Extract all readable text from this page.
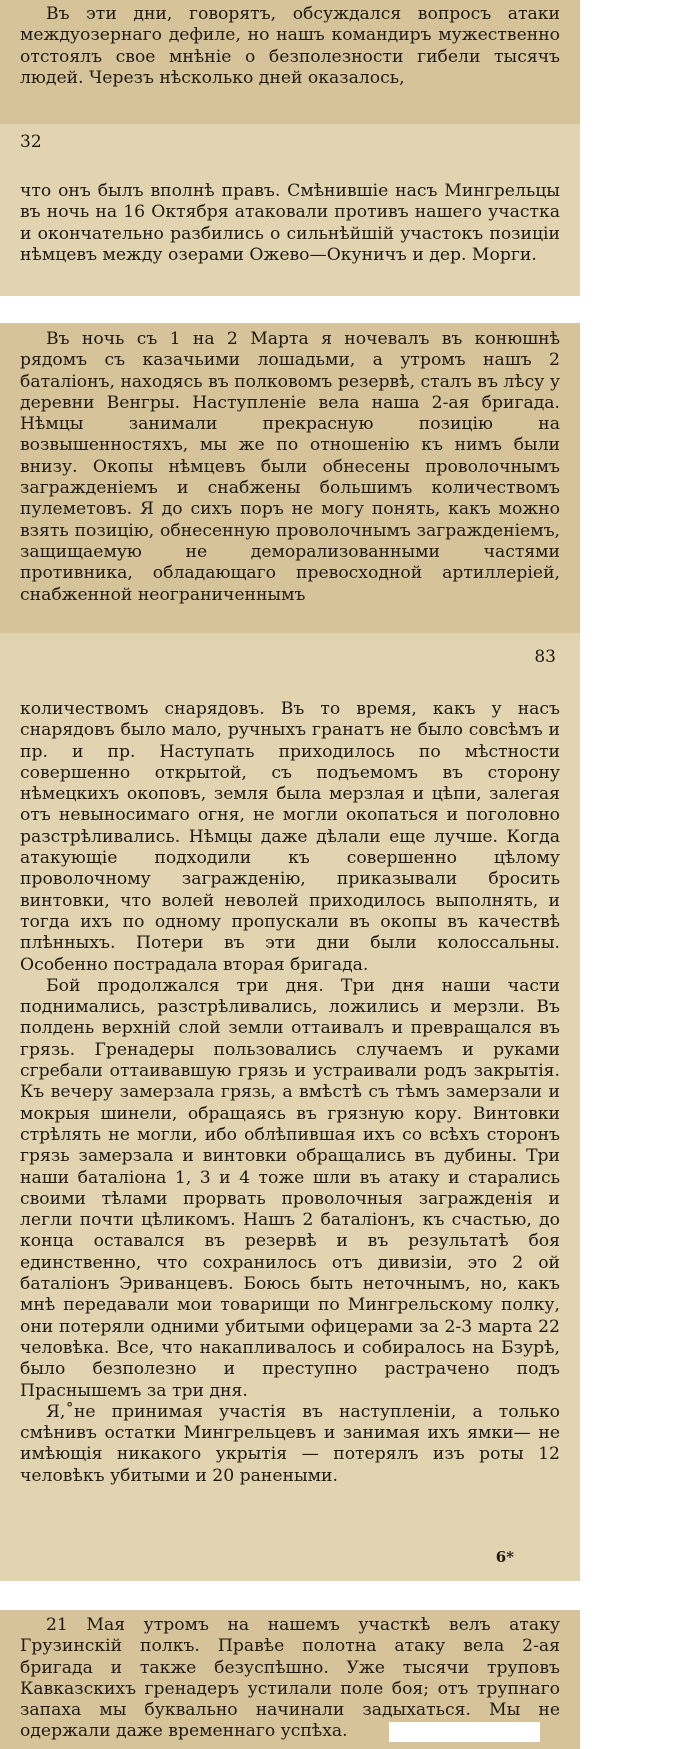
Въ эти дни, говорятъ, обсуждался вопросъ атаки междуозернаго дефиле, но нашъ командиръ мужественно отстоялъ свое мнѣніе о безполезности гибели тысячъ людей. Черезъ нѣсколько дней оказалось,

32

что онъ былъ вполнѣ правъ. Смѣнившіе насъ Мингрельцы въ ночь на 16 Октября атаковали противъ нашего участка и окончательно разбились о сильнѣйшій участокъ позиціи нѣмцевъ между озерами Ожево—Окуничъ и дер. Морги.

Въ ночь съ 1 на 2 Марта я ночевалъ въ конюшнѣ рядомъ съ казачьими лошадьми, а утромъ нашъ 2 баталіонъ, находясь въ полковомъ резервѣ, сталъ въ лѣсу у деревни Венгры. Наступленіе вела наша 2-ая бригада. Нѣмцы занимали прекрасную позицію на возвышенностяхъ, мы же по отношенію къ нимъ были внизу. Окопы нѣмцевъ были обнесены проволочнымъ загражденіемъ и снабжены большимъ количествомъ пулеметовъ. Я до сихъ поръ не могу понять, какъ можно взять позицію, обнесенную проволочнымъ загражденіемъ, защищаемую не деморализованными частями противника, обладающаго превосходной артиллеріей, снабженной неограниченнымъ

83

количествомъ снарядовъ. Въ то время, какъ у насъ снарядовъ было мало, ручныхъ гранатъ не было совсѣмъ и пр. и пр. Наступать приходилось по мѣстности совершенно открытой, съ подъемомъ въ сторону нѣмецкихъ окоповъ, земля была мерзлая и цѣпи, залегая отъ невыносимаго огня, не могли окопаться и поголовно разстрѣливались. Нѣмцы даже дѣлали еще лучше. Когда атакующіе подходили къ совершенно цѣлому проволочному загражденію, приказывали бросить винтовки, что волей неволей приходилось выполнять, и тогда ихъ по одному пропускали въ окопы въ качествѣ плѣнныхъ. Потери въ эти дни были колоссальны. Особенно пострадала вторая бригада.

Бой продолжался три дня. Три дня наши части поднимались, разстрѣливались, ложились и мерзли. Въ полдень верхній слой земли оттаивалъ и превращался въ грязь. Гренадеры пользовались случаемъ и руками сгребали оттаивавшую грязь и устраивали родъ закрытія. Къ вечеру замерзала грязь, а вмѣстѣ съ тѣмъ замерзали и мокрыя шинели, обращаясь въ грязную кору. Винтовки стрѣлять не могли, ибо облѣпившая ихъ со всѣхъ сторонъ грязь замерзала и винтовки обращались въ дубины. Три наши баталіона 1, 3 и 4 тоже шли въ атаку и старались своими тѣлами прорвать проволочныя загражденія и легли почти цѣликомъ. Нашъ 2 баталіонъ, къ счастью, до конца оставался въ резервѣ и въ результатѣ боя единственно, что сохранилось отъ дивизіи, это 2 ой баталіонъ Эриванцевъ. Боюсь быть неточнымъ, но, какъ мнѣ передавали мои товарищи по Мингрельскому полку, они потеряли одними убитыми офицерами за 2-3 марта 22 человѣка. Все, что накапливалось и собиралось на Бзурѣ, было безполезно и преступно растрачено подъ Праснышемъ за три дня.

Я,˚не принимая участія въ наступленіи, а только смѣнивъ остатки Мингрельцевъ и занимая ихъ ямки— не имѣющія никакого укрытія — потерялъ изъ роты 12 человѣкъ убитыми и 20 ранеными.

6*

21 Мая утромъ на нашемъ участкѣ велъ атаку Грузинскій полкъ. Правѣе полотна атаку вела 2-ая бригада и также безуспѣшно. Уже тысячи труповъ Кавказскихъ гренадеръ устилали поле боя; отъ трупнаго запаха мы буквально начинали задыхаться. Мы не одержали даже временнаго успѣха.
